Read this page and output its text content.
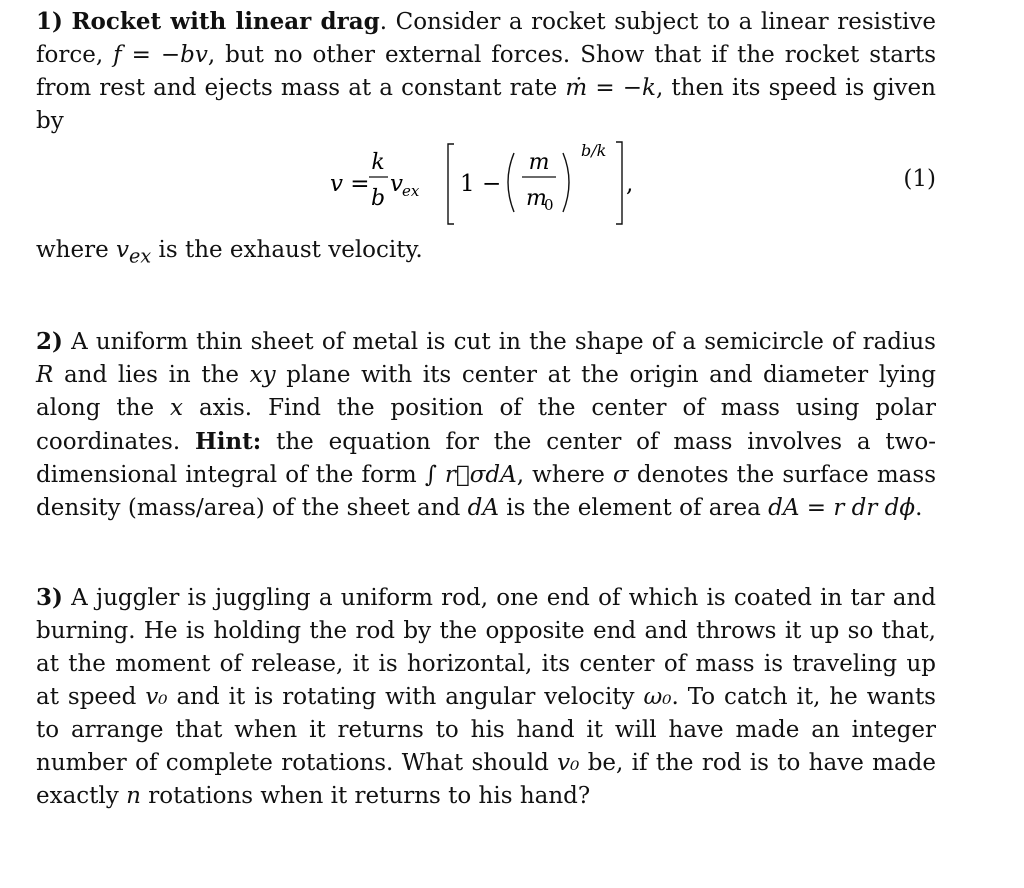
1) Rocket with linear drag. Consider a rocket subject to a linear resistive force, f = −bv, but no other external forces. Show that if the rocket starts from rest and ejects mass at a constant rate ṁ = −k, then its speed is given by

v =
k
b
v ex 1 −
m
m
0
b/k
,	(1)
where $v_{ex}$ is the exhaust velocity.

2) A uniform thin sheet of metal is cut in the shape of a semicircle of radius R and lies in the xy plane with its center at the origin and diameter lying along the x axis. Find the position of the center of mass using polar coordinates. Hint: the equation for the center of mass involves a two-dimensional integral of the form ∫ r⃗σdA, where σ denotes the surface mass density (mass/area) of the sheet and dA is the element of area dA = r dr dϕ.

3) A juggler is juggling a uniform rod, one end of which is coated in tar and burning. He is holding the rod by the opposite end and throws it up so that, at the moment of release, it is horizontal, its center of mass is traveling up at speed v₀ and it is rotating with angular velocity ω₀. To catch it, he wants to arrange that when it returns to his hand it will have made an integer number of complete rotations. What should v₀ be, if the rod is to have made exactly n rotations when it returns to his hand?
